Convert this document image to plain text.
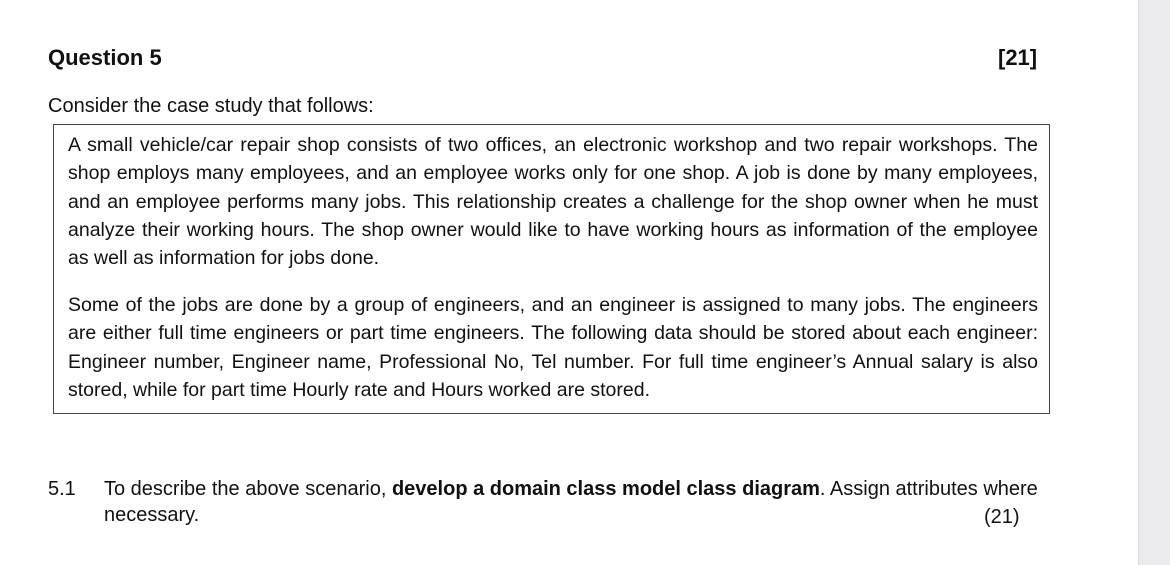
Question 5	[21]
Consider the case study that follows:

A small vehicle/car repair shop consists of two offices, an electronic workshop and two repair workshops. The shop employs many employees, and an employee works only for one shop. A job is done by many employees, and an employee performs many jobs. This relationship creates a challenge for the shop owner when he must analyze their working hours. The shop owner would like to have working hours as information of the employee as well as information for jobs done.

Some of the jobs are done by a group of engineers, and an engineer is assigned to many jobs. The engineers are either full time engineers or part time engineers. The following data should be stored about each engineer: Engineer number, Engineer name, Professional No, Tel number. For full time engineer’s Annual salary is also stored, while for part time Hourly rate and Hours worked are stored.

5.1 To describe the above scenario, develop a domain class model class diagram. Assign attributes where necessary.	(21)
